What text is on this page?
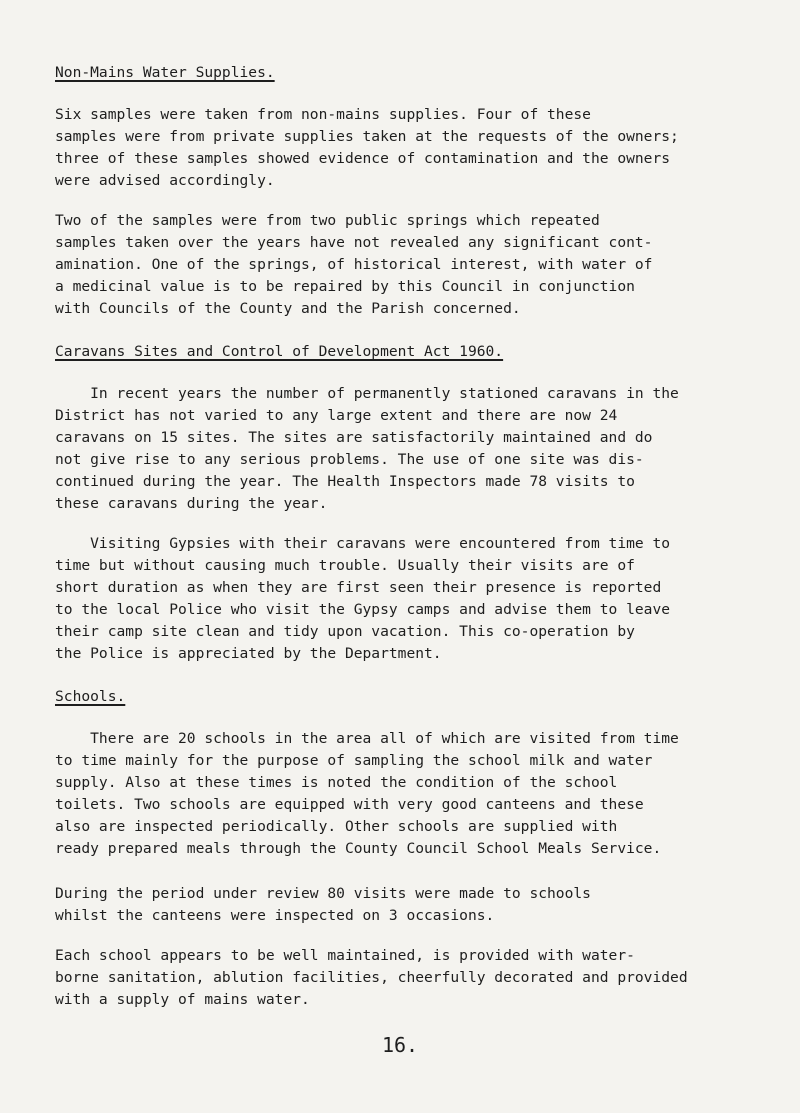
Non-Mains Water Supplies.
Six samples were taken from non-mains supplies. Four of these
samples were from private supplies taken at the requests of the owners;
three of these samples showed evidence of contamination and the owners
were advised accordingly.
Two of the samples were from two public springs which repeated
samples taken over the years have not revealed any significant cont-
amination. One of the springs, of historical interest, with water of
a medicinal value is to be repaired by this Council in conjunction
with Councils of the County and the Parish concerned.
Caravans Sites and Control of Development Act 1960.
In recent years the number of permanently stationed caravans in the
District has not varied to any large extent and there are now 24
caravans on 15 sites. The sites are satisfactorily maintained and do
not give rise to any serious problems. The use of one site was dis-
continued during the year. The Health Inspectors made 78 visits to
these caravans during the year.
Visiting Gypsies with their caravans were encountered from time to
time but without causing much trouble. Usually their visits are of
short duration as when they are first seen their presence is reported
to the local Police who visit the Gypsy camps and advise them to leave
their camp site clean and tidy upon vacation. This co-operation by
the Police is appreciated by the Department.
Schools.
There are 20 schools in the area all of which are visited from time
to time mainly for the purpose of sampling the school milk and water
supply. Also at these times is noted the condition of the school
toilets. Two schools are equipped with very good canteens and these
also are inspected periodically. Other schools are supplied with
ready prepared meals through the County Council School Meals Service.
During the period under review 80 visits were made to schools
whilst the canteens were inspected on 3 occasions.
Each school appears to be well maintained, is provided with water-
borne sanitation, ablution facilities, cheerfully decorated and provided
with a supply of mains water.
16.
